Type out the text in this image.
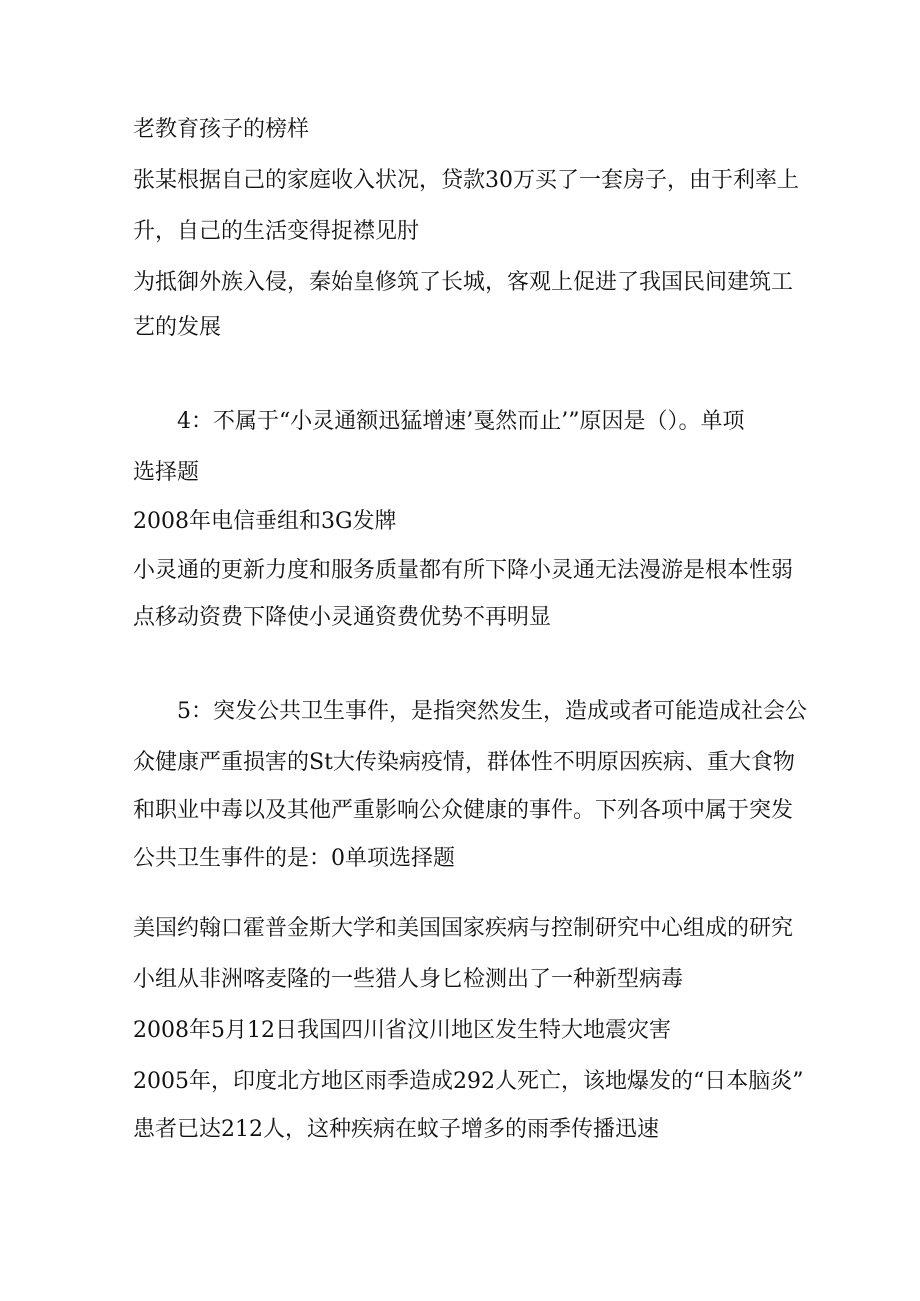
老教育孩子的榜样
张某根据自己的家庭收入状况，贷款30万买了一套房子，由于利率上
升，自己的生活变得捉襟见肘
为抵御外族入侵，秦始皇修筑了长城，客观上促进了我国民间建筑工
艺的发展
4：不属于“小灵通额迅猛增速’戛然而止’”原因是（）。单项
选择题
2008年电信垂组和3G发牌
小灵通的更新力度和服务质量都有所下降小灵通无法漫游是根本性弱
点移动资费下降使小灵通资费优势不再明显
5：突发公共卫生事件，是指突然发生，造成或者可能造成社会公
众健康严重损害的St大传染病疫情，群体性不明原因疾病、重大食物
和职业中毒以及其他严重影响公众健康的事件。下列各项中属于突发
公共卫生事件的是：0单项选择题
美国约翰口霍普金斯大学和美国国家疾病与控制研究中心组成的研究
小组从非洲喀麦隆的一些猎人身匕检测出了一种新型病毒
2008年5月12日我国四川省汶川地区发生特大地震灾害
2005年，印度北方地区雨季造成292人死亡，该地爆发的“日本脑炎”
患者已达212人，这种疾病在蚊子增多的雨季传播迅速
